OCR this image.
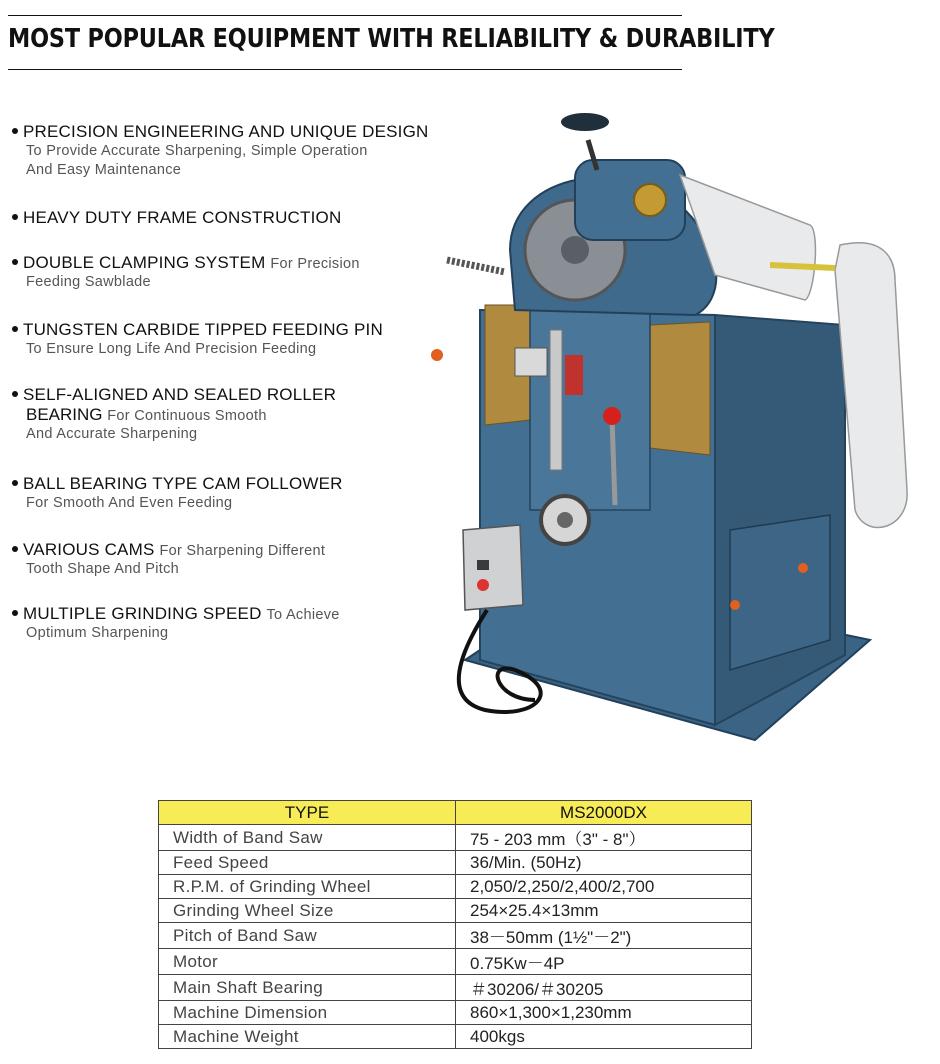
MOST POPULAR EQUIPMENT WITH RELIABILITY & DURABILITY
PRECISION ENGINEERING AND UNIQUE DESIGN
To Provide Accurate Sharpening, Simple Operation
And Easy Maintenance
HEAVY DUTY FRAME CONSTRUCTION
DOUBLE CLAMPING SYSTEM For Precision
Feeding Sawblade
TUNGSTEN CARBIDE TIPPED FEEDING PIN
To Ensure Long Life And Precision Feeding
SELF-ALIGNED AND SEALED ROLLER
BEARING For Continuous Smooth
And Accurate Sharpening
BALL BEARING TYPE CAM FOLLOWER
For Smooth And Even Feeding
VARIOUS CAMS For Sharpening Different
Tooth Shape And Pitch
MULTIPLE GRINDING SPEED To Achieve
Optimum Sharpening
TYPE	MS2000DX
Width of Band Saw	75 - 203 mm（3" - 8"）
Feed Speed	36/Min. (50Hz)
R.P.M. of Grinding Wheel	2,050/2,250/2,400/2,700
Grinding Wheel Size	254×25.4×13mm
Pitch of Band Saw	38－50mm (1½"－2")
Motor	0.75Kw－4P
Main Shaft Bearing	＃30206/＃30205
Machine Dimension	860×1,300×1,230mm
Machine Weight	400kgs
